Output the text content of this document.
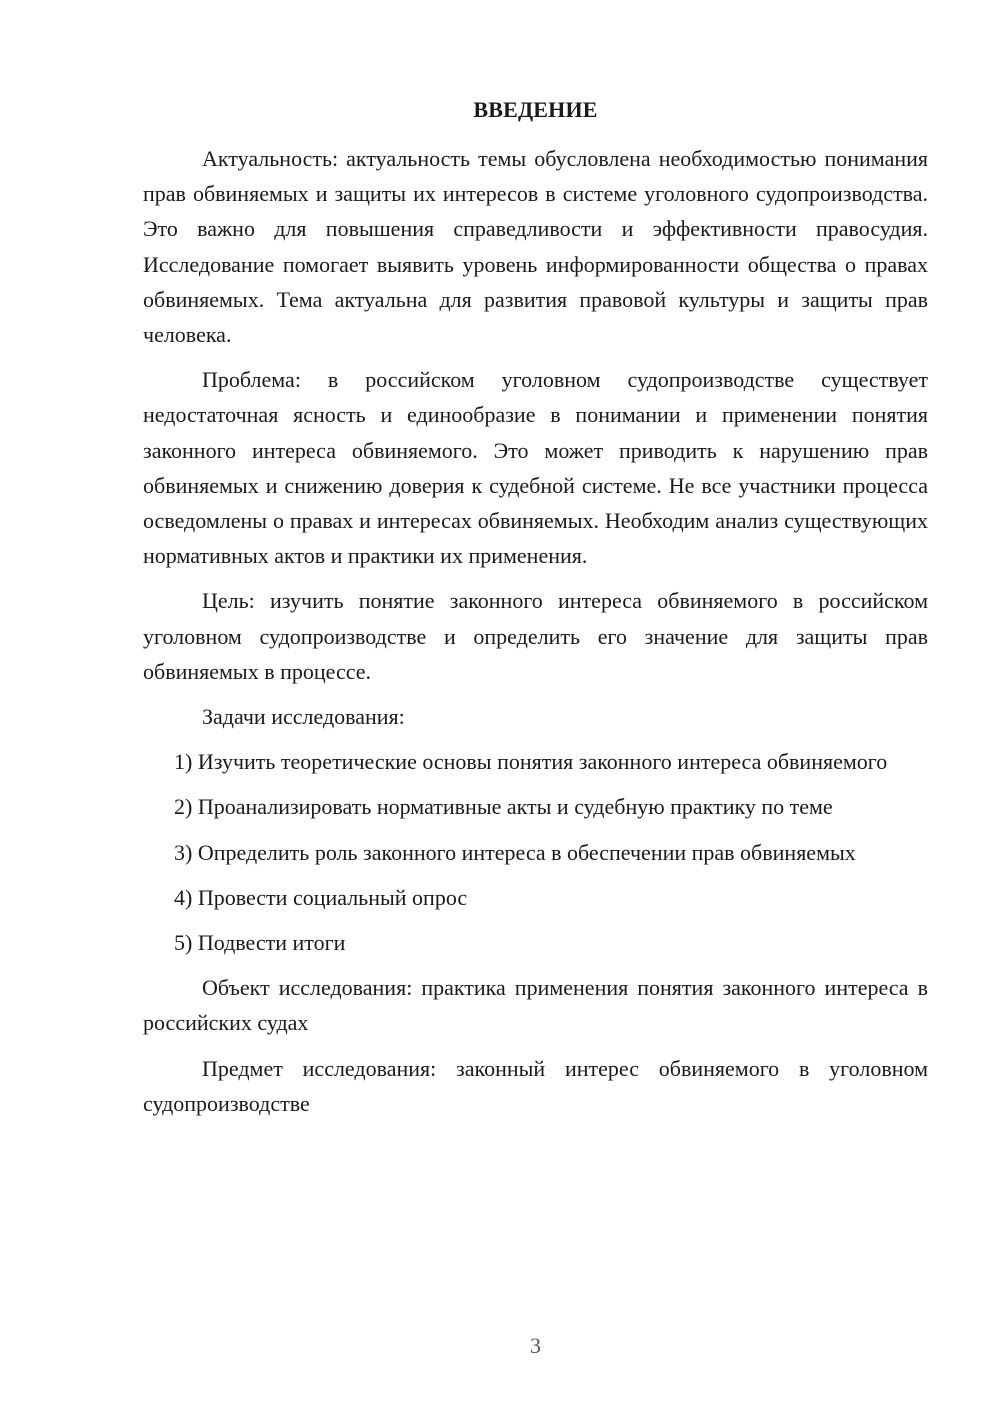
ВВЕДЕНИЕ

Актуальность: актуальность темы обусловлена необходимостью понимания прав обвиняемых и защиты их интересов в системе уголовного судопроизводства. Это важно для повышения справедливости и эффективности правосудия. Исследование помогает выявить уровень информированности общества о правах обвиняемых. Тема актуальна для развития правовой культуры и защиты прав человека.

Проблема: в российском уголовном судопроизводстве существует недостаточная ясность и единообразие в понимании и применении понятия законного интереса обвиняемого. Это может приводить к нарушению прав обвиняемых и снижению доверия к судебной системе. Не все участники процесса осведомлены о правах и интересах обвиняемых. Необходим анализ существующих нормативных актов и практики их применения.

Цель: изучить понятие законного интереса обвиняемого в российском уголовном судопроизводстве и определить его значение для защиты прав обвиняемых в процессе.

Задачи исследования:

1) Изучить теоретические основы понятия законного интереса обвиняемого

2) Проанализировать нормативные акты и судебную практику по теме

3) Определить роль законного интереса в обеспечении прав обвиняемых

4) Провести социальный опрос

5) Подвести итоги

Объект исследования: практика применения понятия законного интереса в российских судах

Предмет исследования: законный интерес обвиняемого в уголовном судопроизводстве

3
